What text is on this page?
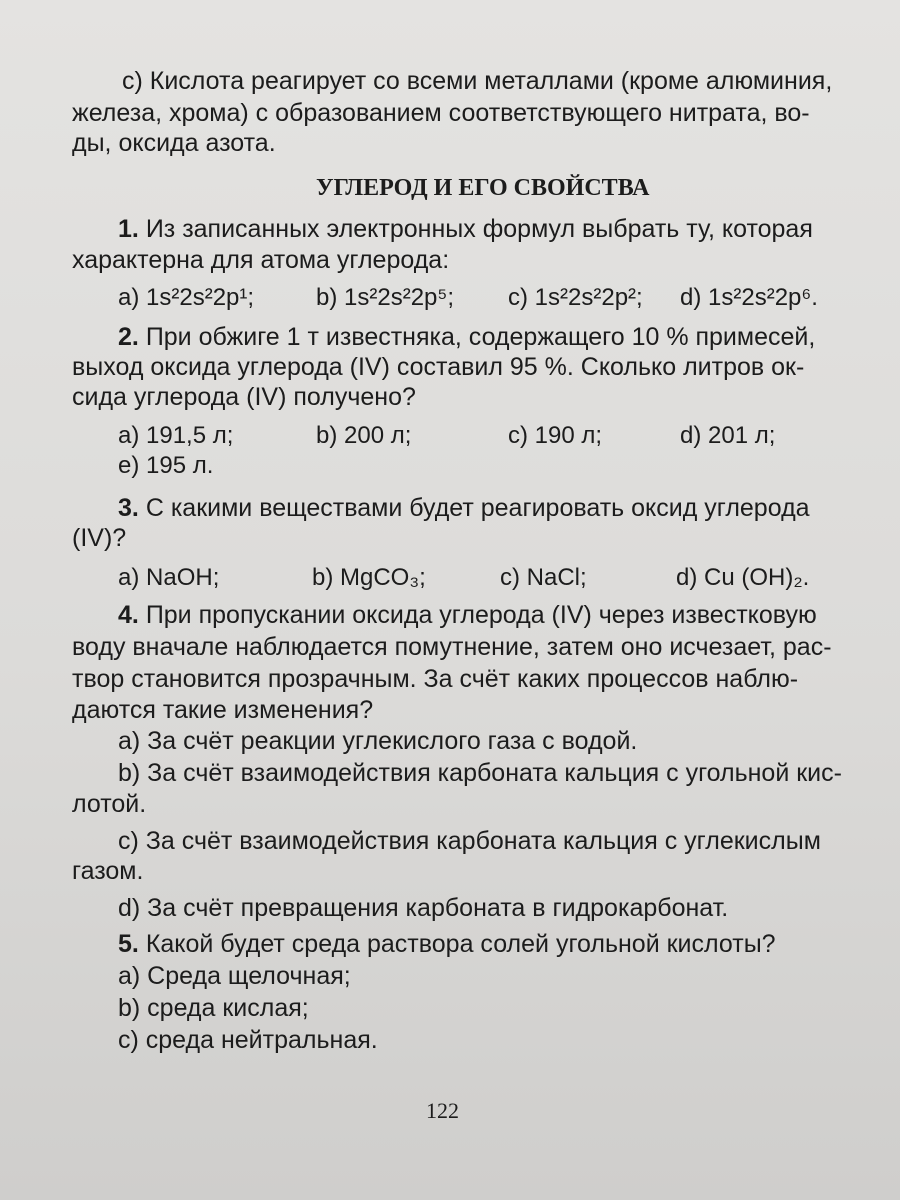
c) Кислота реагирует со всеми металлами (кроме алюминия,
железа, хрома) с образованием соответствующего нитрата, во-
ды, оксида азота.
УГЛЕРОД И ЕГО СВОЙСТВА
1. Из записанных электронных формул выбрать ту, которая
характерна для атома углерода:
a) 1s²2s²2p¹;	b) 1s²2s²2p⁵; c) 1s²2s²2p²; d) 1s²2s²2p⁶.
2. При обжиге 1 т известняка, содержащего 10 % примесей,
выход оксида углерода (IV) составил 95 %. Сколько литров ок-
сида углерода (IV) получено?
a) 191,5 л;	b) 200 л;	c) 190 л;	d) 201 л;
e) 195 л.
3. С какими веществами будет реагировать оксид углерода
(IV)?
a) NaOH;	b) MgCO₃;	c) NaCl;	d) Cu (OH)₂.
4. При пропускании оксида углерода (IV) через известковую
воду вначале наблюдается помутнение, затем оно исчезает, рас-
твор становится прозрачным. За счёт каких процессов наблю-
даются такие изменения?
a) За счёт реакции углекислого газа с водой.
b) За счёт взаимодействия карбоната кальция с угольной кис-
лотой.
c) За счёт взаимодействия карбоната кальция с углекислым
газом.
d) За счёт превращения карбоната в гидрокарбонат.
5. Какой будет среда раствора солей угольной кислоты?
a) Среда щелочная;
b) среда кислая;
c) среда нейтральная.
122
